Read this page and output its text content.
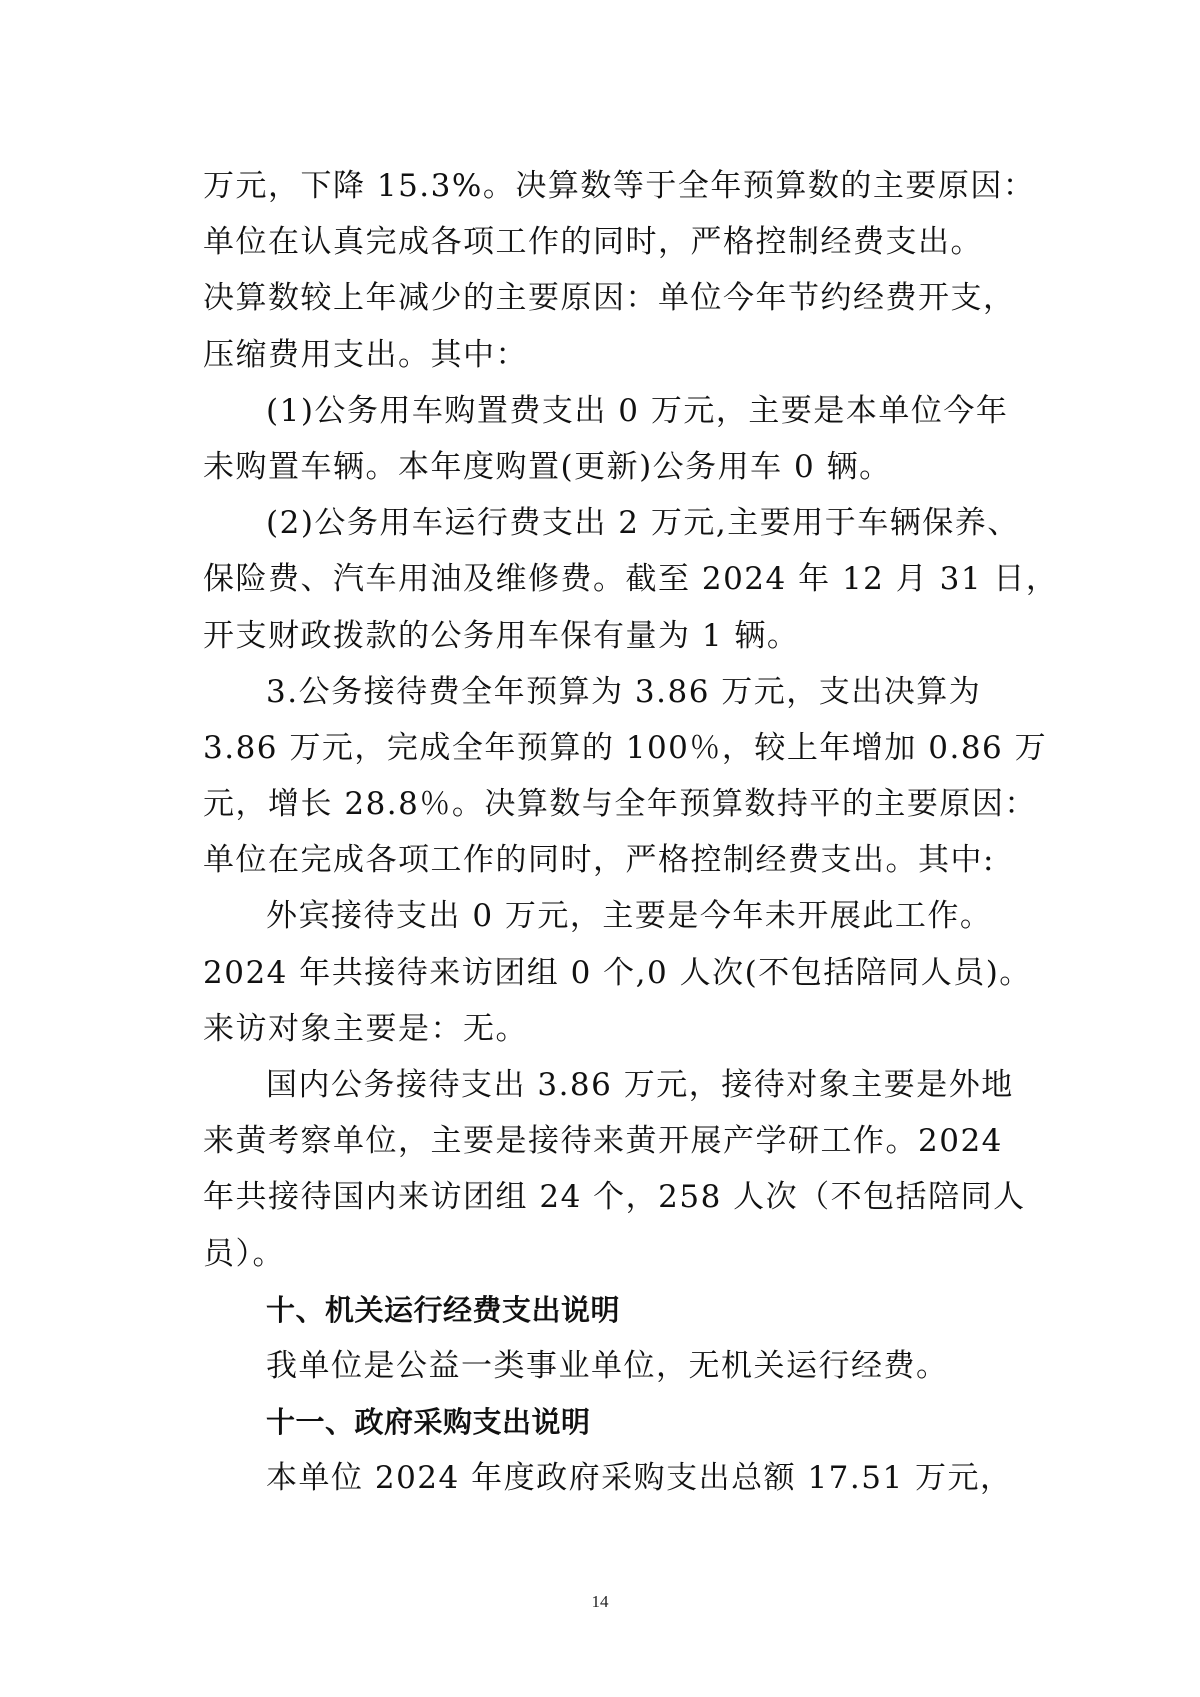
万元，下降 15.3%。决算数等于全年预算数的主要原因：
单位在认真完成各项工作的同时，严格控制经费支出。
决算数较上年减少的主要原因：单位今年节约经费开支，
压缩费用支出。其中：
(1)公务用车购置费支出 0 万元，主要是本单位今年
未购置车辆。本年度购置(更新)公务用车 0 辆。
(2)公务用车运行费支出 2 万元,主要用于车辆保养、
保险费、汽车用油及维修费。截至 2024 年 12 月 31 日，
开支财政拨款的公务用车保有量为 1 辆。
3.公务接待费全年预算为 3.86 万元，支出决算为
3.86 万元，完成全年预算的 100％，较上年增加 0.86 万
元，增长 28.8％。决算数与全年预算数持平的主要原因：
单位在完成各项工作的同时，严格控制经费支出。其中:
外宾接待支出 0 万元，主要是今年未开展此工作。
2024 年共接待来访团组 0 个,0 人次(不包括陪同人员)。
来访对象主要是：无。
国内公务接待支出 3.86 万元，接待对象主要是外地
来黄考察单位，主要是接待来黄开展产学研工作。2024
年共接待国内来访团组 24 个，258 人次（不包括陪同人
员）。
十、机关运行经费支出说明
我单位是公益一类事业单位，无机关运行经费。
十一、政府采购支出说明
本单位 2024 年度政府采购支出总额 17.51 万元，
14
